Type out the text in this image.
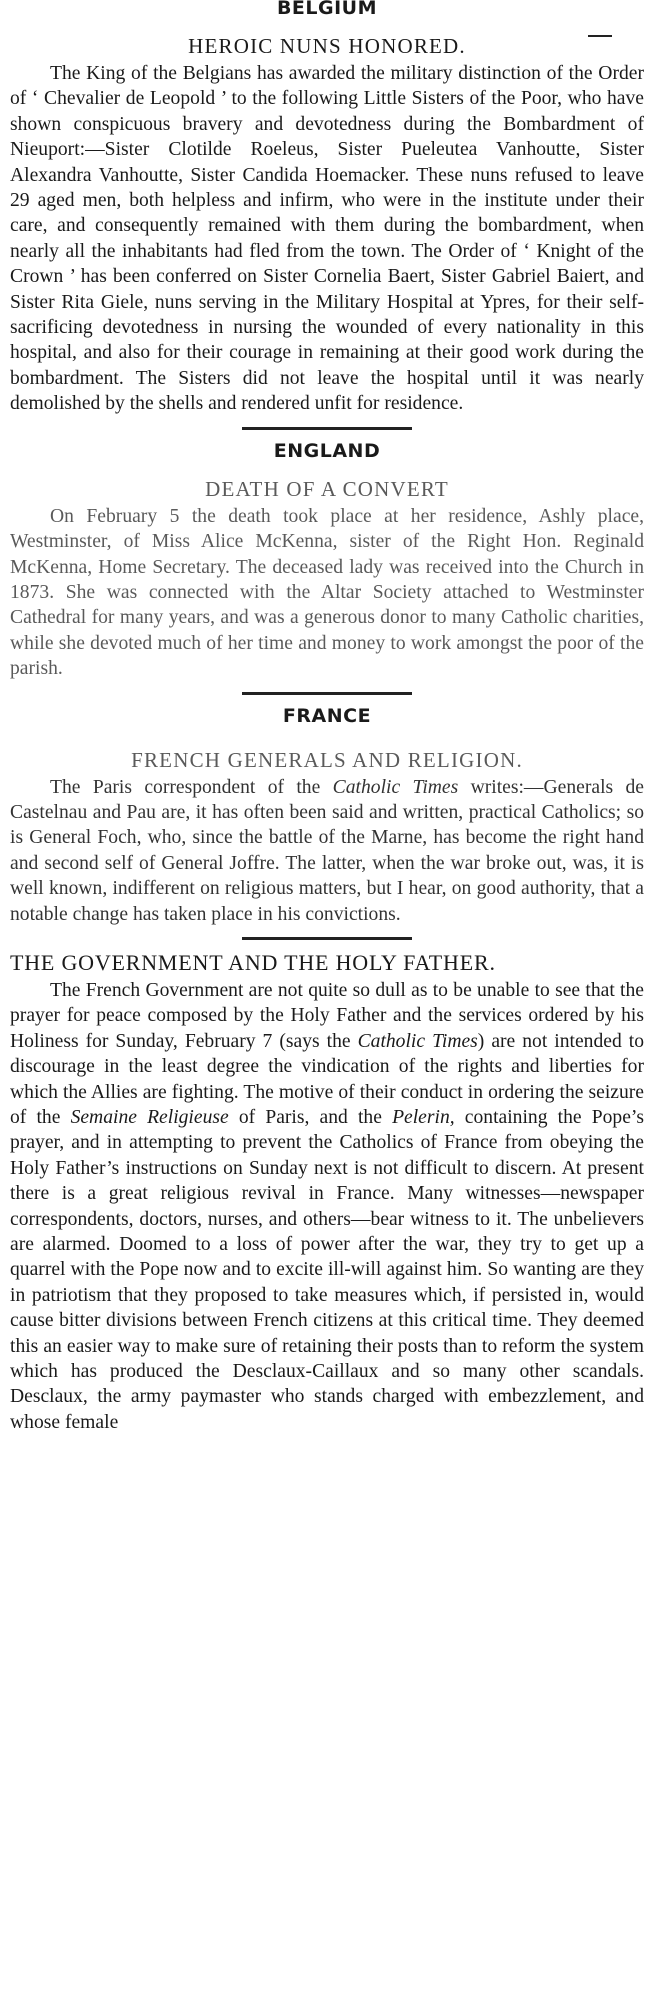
BELGIUM
HEROIC NUNS HONORED.

The King of the Belgians has awarded the military distinction of the Order of ‘ Chevalier de Leopold ’ to the following Little Sisters of the Poor, who have shown conspicuous bravery and devotedness during the Bombardment of Nieuport:—Sister Clotilde Roeleus, Sister Pueleutea Vanhoutte, Sister Alexandra Vanhoutte, Sister Candida Hoemacker. These nuns refused to leave 29 aged men, both helpless and infirm, who were in the institute under their care, and consequently remained with them during the bombardment, when nearly all the inhabitants had fled from the town. The Order of ‘ Knight of the Crown ’ has been conferred on Sister Cornelia Baert, Sister Gabriel Baiert, and Sister Rita Giele, nuns serving in the Military Hospital at Ypres, for their self-sacrificing devotedness in nursing the wounded of every nationality in this hospital, and also for their courage in remaining at their good work during the bombardment. The Sisters did not leave the hospital until it was nearly demolished by the shells and rendered unfit for residence.

ENGLAND
DEATH OF A CONVERT

On February 5 the death took place at her residence, Ashly place, Westminster, of Miss Alice McKenna, sister of the Right Hon. Reginald McKenna, Home Secretary. The deceased lady was received into the Church in 1873. She was connected with the Altar Society attached to Westminster Cathedral for many years, and was a generous donor to many Catholic charities, while she devoted much of her time and money to work amongst the poor of the parish.

FRANCE
FRENCH GENERALS AND RELIGION.

The Paris correspondent of the Catholic Times writes:—Generals de Castelnau and Pau are, it has often been said and written, practical Catholics; so is General Foch, who, since the battle of the Marne, has become the right hand and second self of General Joffre. The latter, when the war broke out, was, it is well known, indifferent on religious matters, but I hear, on good authority, that a notable change has taken place in his convictions.

THE GOVERNMENT AND THE HOLY FATHER.

The French Government are not quite so dull as to be unable to see that the prayer for peace composed by the Holy Father and the services ordered by his Holiness for Sunday, February 7 (says the Catholic Times) are not intended to discourage in the least degree the vindication of the rights and liberties for which the Allies are fighting. The motive of their conduct in ordering the seizure of the Semaine Religieuse of Paris, and the Pelerin, containing the Pope’s prayer, and in attempting to prevent the Catholics of France from obeying the Holy Father’s instructions on Sunday next is not difficult to discern. At present there is a great religious revival in France. Many witnesses—newspaper correspondents, doctors, nurses, and others—bear witness to it. The unbelievers are alarmed. Doomed to a loss of power after the war, they try to get up a quarrel with the Pope now and to excite ill-will against him. So wanting are they in patriotism that they proposed to take measures which, if persisted in, would cause bitter divisions between French citizens at this critical time. They deemed this an easier way to make sure of retaining their posts than to reform the system which has produced the Desclaux-Caillaux and so many other scandals. Desclaux, the army paymaster who stands charged with embezzlement, and whose female
